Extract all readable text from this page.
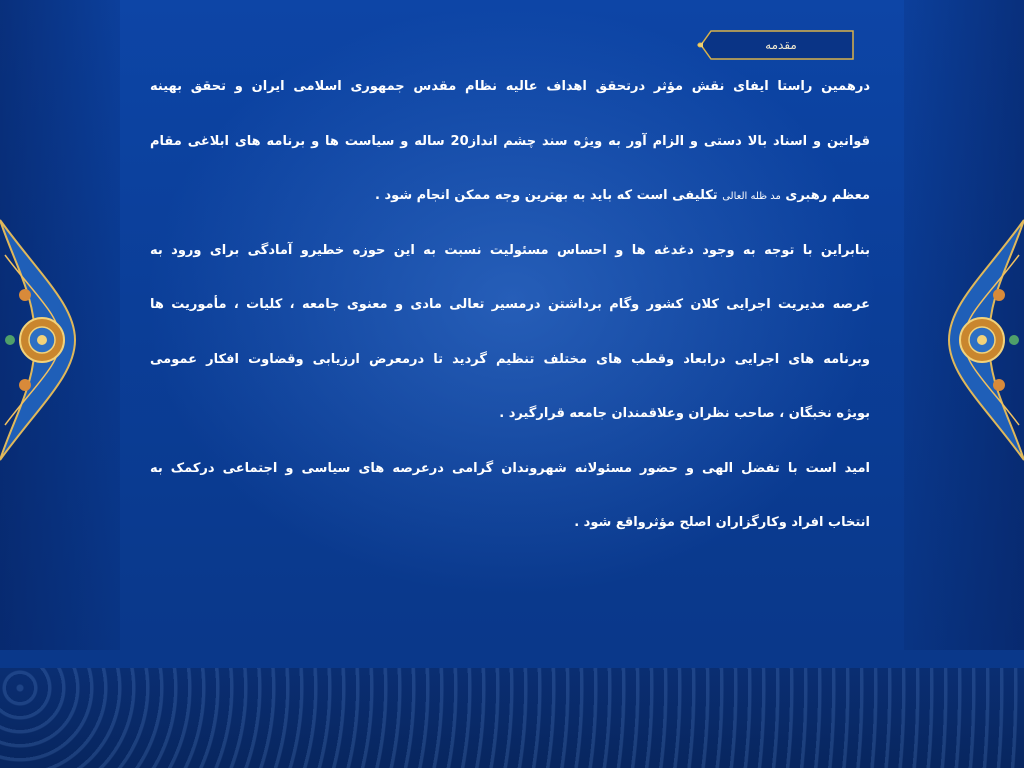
مقدمه
درهمین راستا ایفای نقش مؤثر درتحقق اهداف عالیه نظام مقدس جمهوری اسلامی ایران و تحقق بهینه
قوانین و اسناد بالا دستی و الزام آور به ویژه سند چشم انداز20 ساله و سیاست ها و برنامه های ابلاغی مقام
معظم رهبری مد ظله العالی تکلیفی است که باید به بهترین وجه ممکن انجام شود .
بنابراین با توجه به وجود دغدغه ها و احساس مسئولیت نسبت به این حوزه خطیرو آمادگی برای ورود به
عرصه مدیریت اجرایی کلان کشور وگام برداشتن درمسیر تعالی مادی و معنوی جامعه ، کلیات ، مأموریت ها
وبرنامه های اجرایی درابعاد وقطب های مختلف تنظیم گردید تا درمعرض ارزیابی وقضاوت افکار عمومی
بویژه نخبگان ، صاحب نظران وعلاقمندان جامعه قرارگیرد .
امید است با تفضل الهی و حضور مسئولانه شهروندان گرامی درعرصه های سیاسی و اجتماعی درکمک به
انتخاب افراد وکارگزاران اصلح مؤثرواقع شود .
